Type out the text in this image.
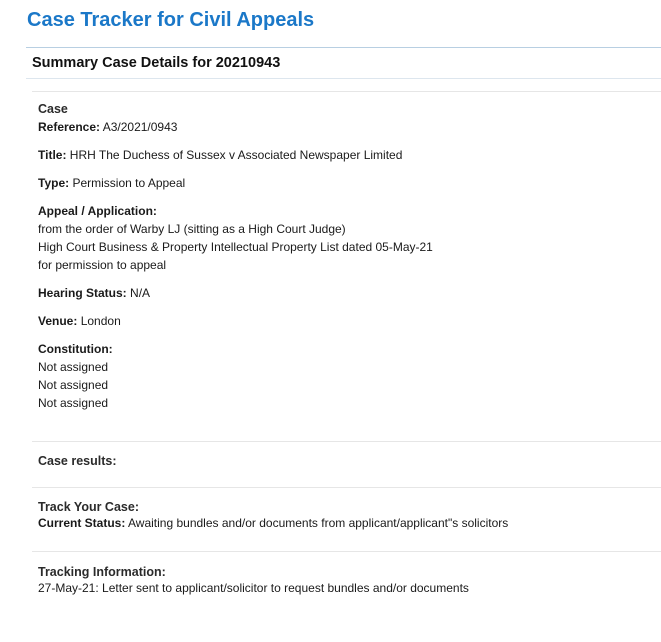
Case Tracker for Civil Appeals
Summary Case Details for 20210943
Case
Reference: A3/2021/0943
Title: HRH The Duchess of Sussex v Associated Newspaper Limited
Type: Permission to Appeal
Appeal / Application:
from the order of Warby LJ (sitting as a High Court Judge)
High Court Business & Property Intellectual Property List dated 05-May-21
for permission to appeal
Hearing Status: N/A
Venue: London
Constitution:
Not assigned
Not assigned
Not assigned
Case results:
Track Your Case:
Current Status: Awaiting bundles and/or documents from applicant/applicant"s solicitors
Tracking Information:
27-May-21: Letter sent to applicant/solicitor to request bundles and/or documents
